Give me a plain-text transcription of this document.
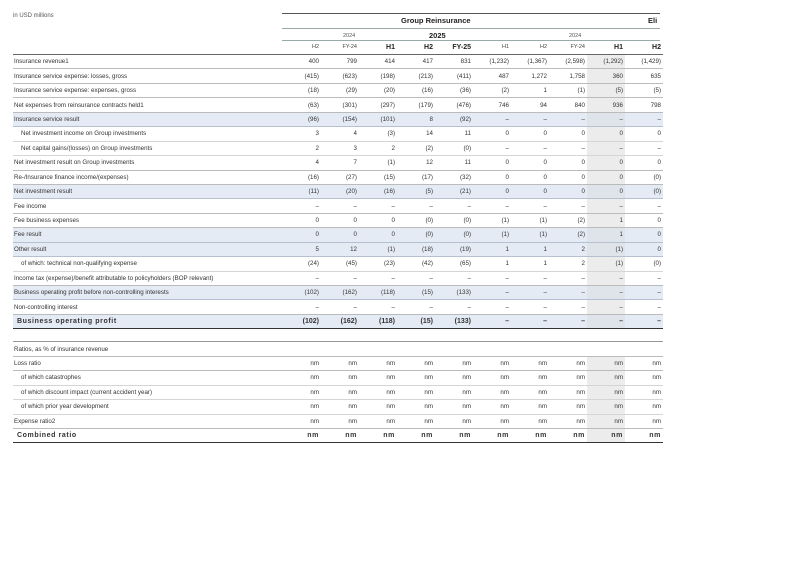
in USD millions	Group Reinsurance	Eli
2024	2025	2024
	H2	FY-24	H1	H2	FY-25	H1	H2	FY-24	H1	H2
Insurance revenue1	400	799	414	417	831	(1,232)	(1,367)	(2,598)	(1,292)	(1,429)
Insurance service expense: losses, gross	(415)	(623)	(198)	(213)	(411)	487	1,272	1,758	360	635
Insurance service expense: expenses, gross	(18)	(29)	(20)	(16)	(36)	(2)	1	(1)	(5)	(5)
Net expenses from reinsurance contracts held1	(63)	(301)	(297)	(179)	(476)	746	94	840	936	798
Insurance service result	(96)	(154)	(101)	8	(92)	–	–	–	–	–
Net investment income on Group investments	3	4	(3)	14	11	0	0	0	0	0
Net capital gains/(losses) on Group investments	2	3	2	(2)	(0)	–	–	–	–	–
Net investment result on Group investments	4	7	(1)	12	11	0	0	0	0	0
Re-/Insurance finance income/(expenses)	(16)	(27)	(15)	(17)	(32)	0	0	0	0	(0)
Net investment result	(11)	(20)	(16)	(5)	(21)	0	0	0	0	(0)
Fee income	–	–	–	–	–	–	–	–	–	–
Fee business expenses	0	0	0	(0)	(0)	(1)	(1)	(2)	1	0
Fee result	0	0	0	(0)	(0)	(1)	(1)	(2)	1	0
Other result	5	12	(1)	(18)	(19)	1	1	2	(1)	0
of which: technical non-qualifying expense	(24)	(45)	(23)	(42)	(65)	1	1	2	(1)	(0)
Income tax (expense)/benefit attributable to policyholders (BOP relevant)	–	–	–	–	–	–	–	–	–	–
Business operating profit before non-controlling interests	(102)	(162)	(118)	(15)	(133)	–	–	–	–	–
Non-controlling interest	–	–	–	–	–	–	–	–	–	–
Business operating profit	(102)	(162)	(118)	(15)	(133)	–	–	–	–	–

Ratios, as % of insurance revenue										
Loss ratio	nm	nm	nm	nm	nm	nm	nm	nm	nm	nm
of which catastrophes	nm	nm	nm	nm	nm	nm	nm	nm	nm	nm
of which discount impact (current accident year)	nm	nm	nm	nm	nm	nm	nm	nm	nm	nm
of which prior year development	nm	nm	nm	nm	nm	nm	nm	nm	nm	nm
Expense ratio2	nm	nm	nm	nm	nm	nm	nm	nm	nm	nm
Combined ratio	nm	nm	nm	nm	nm	nm	nm	nm	nm	nm
